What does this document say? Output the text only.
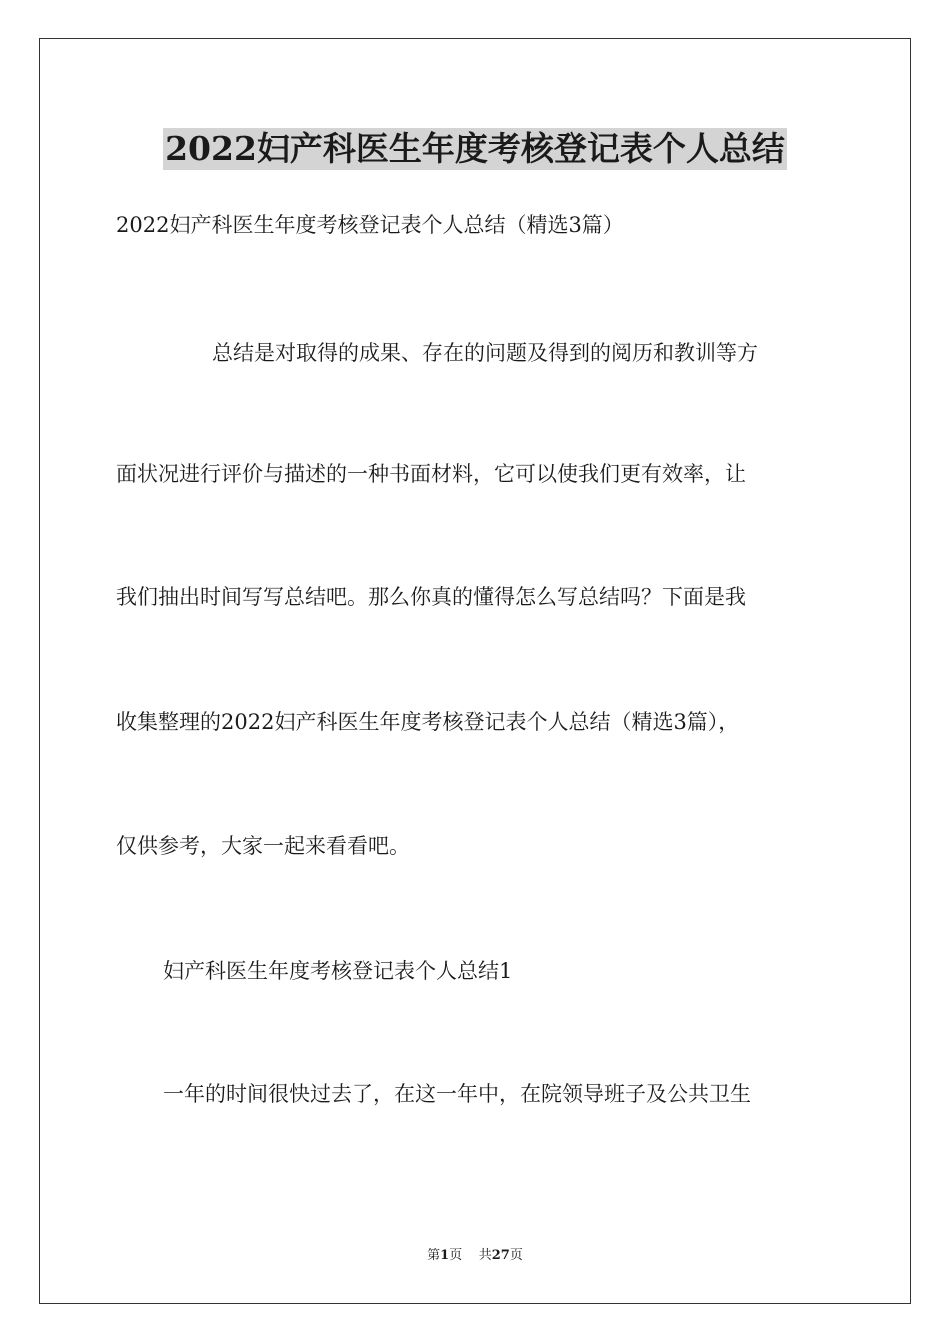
2022妇产科医生年度考核登记表个人总结
2022妇产科医生年度考核登记表个人总结（精选3篇）
总结是对取得的成果、存在的问题及得到的阅历和教训等方
面状况进行评价与描述的一种书面材料，它可以使我们更有效率，让
我们抽出时间写写总结吧。那么你真的懂得怎么写总结吗？下面是我
收集整理的2022妇产科医生年度考核登记表个人总结（精选3篇），
仅供参考，大家一起来看看吧。
妇产科医生年度考核登记表个人总结1
一年的时间很快过去了，在这一年中，在院领导班子及公共卫生
第1页 共27页
